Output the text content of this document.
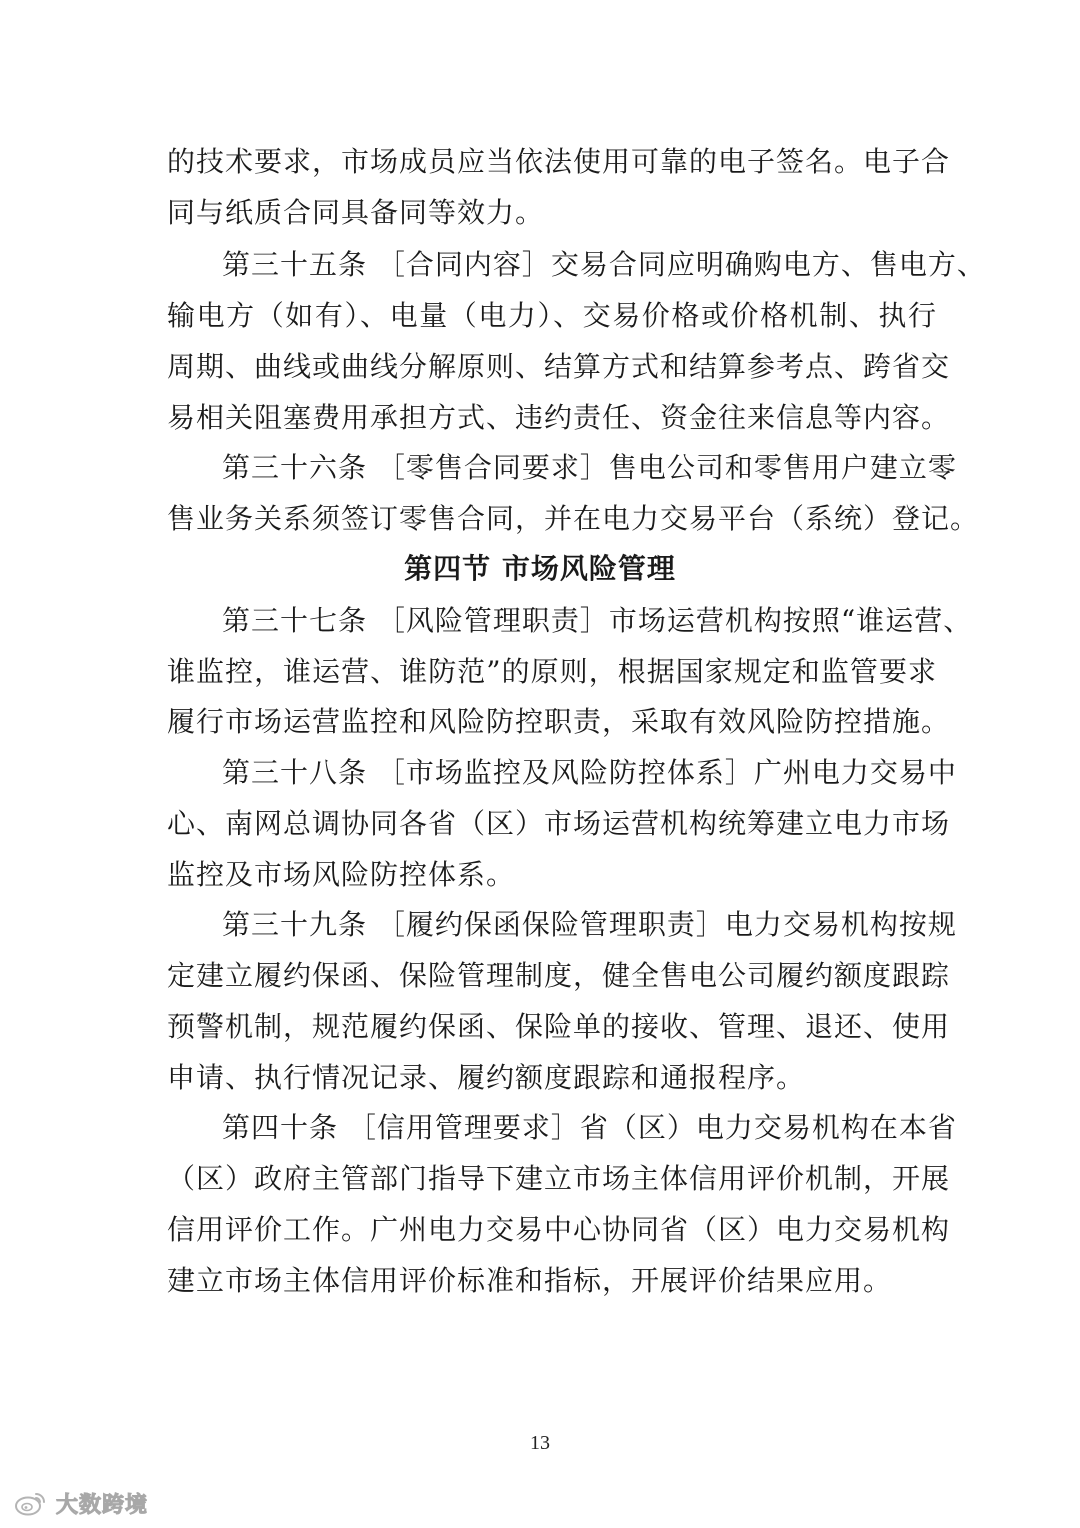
的技术要求，市场成员应当依法使用可靠的电子签名。电子合
同与纸质合同具备同等效力。
第三十五条 ［合同内容］交易合同应明确购电方、售电方、
输电方（如有）、电量（电力）、交易价格或价格机制、执行
周期、曲线或曲线分解原则、结算方式和结算参考点、跨省交
易相关阻塞费用承担方式、违约责任、资金往来信息等内容。
第三十六条 ［零售合同要求］售电公司和零售用户建立零
售业务关系须签订零售合同，并在电力交易平台（系统）登记。
第四节 市场风险管理
第三十七条 ［风险管理职责］市场运营机构按照“谁运营、
谁监控，谁运营、谁防范”的原则，根据国家规定和监管要求
履行市场运营监控和风险防控职责，采取有效风险防控措施。
第三十八条 ［市场监控及风险防控体系］广州电力交易中
心、南网总调协同各省（区）市场运营机构统筹建立电力市场
监控及市场风险防控体系。
第三十九条 ［履约保函保险管理职责］电力交易机构按规
定建立履约保函、保险管理制度，健全售电公司履约额度跟踪
预警机制，规范履约保函、保险单的接收、管理、退还、使用
申请、执行情况记录、履约额度跟踪和通报程序。
第四十条 ［信用管理要求］省（区）电力交易机构在本省
（区）政府主管部门指导下建立市场主体信用评价机制，开展
信用评价工作。广州电力交易中心协同省（区）电力交易机构
建立市场主体信用评价标准和指标，开展评价结果应用。
13
大数跨境
